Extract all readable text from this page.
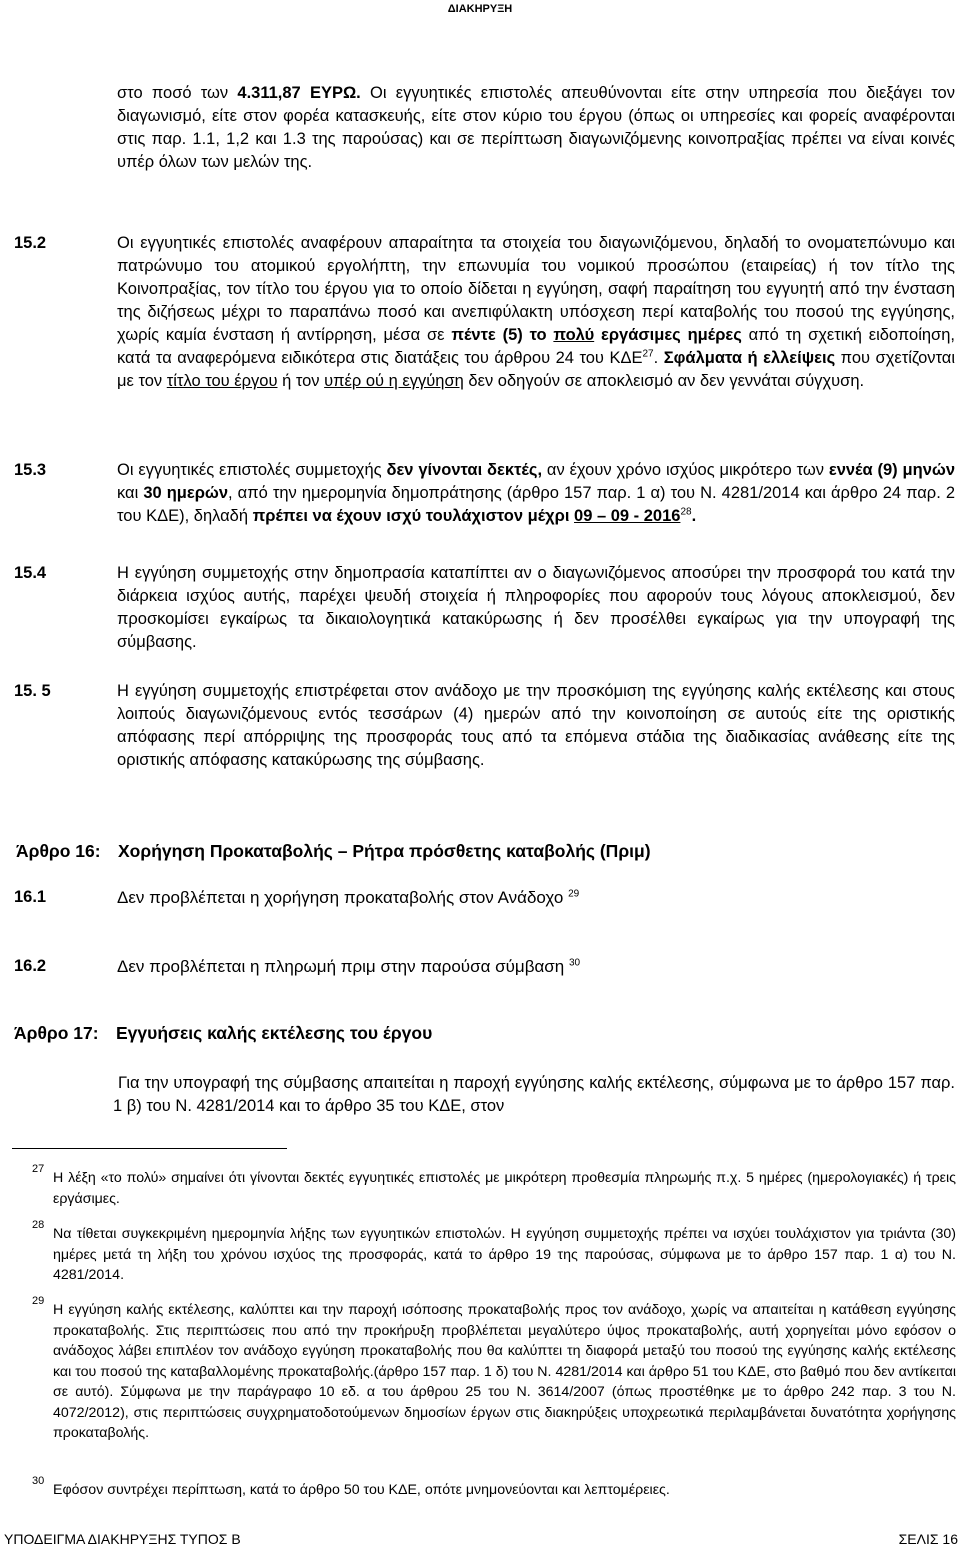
ΔΙΑΚΗΡΥΞΗ
στο ποσό των 4.311,87 ΕΥΡΩ. Οι εγγυητικές επιστολές απευθύνονται είτε στην υπηρεσία που διεξάγει τον διαγωνισμό, είτε στον φορέα κατασκευής, είτε στον κύριο του έργου (όπως οι υπηρεσίες και φορείς αναφέρονται στις παρ. 1.1, 1,2 και 1.3 της παρούσας) και σε περίπτωση διαγωνιζόμενης κοινοπραξίας πρέπει να είναι κοινές υπέρ όλων των μελών της.
15.2	Οι εγγυητικές επιστολές αναφέρουν απαραίτητα τα στοιχεία του διαγωνιζόμενου, δηλαδή το ονοματεπώνυμο και πατρώνυμο του ατομικού εργολήπτη, την επωνυμία του νομικού προσώπου (εταιρείας) ή τον τίτλο της Κοινοπραξίας, τον τίτλο του έργου για το οποίο δίδεται η εγγύηση, σαφή παραίτηση του εγγυητή από την ένσταση της διζήσεως μέχρι το παραπάνω ποσό και ανεπιφύλακτη υπόσχεση περί καταβολής του ποσού της εγγύησης, χωρίς καμία ένσταση ή αντίρρηση, μέσα σε πέντε (5) το πολύ εργάσιμες ημέρες από τη σχετική ειδοποίηση, κατά τα αναφερόμενα ειδικότερα στις διατάξεις του άρθρου 24 του ΚΔΕ$^{27}$. Σφάλματα ή ελλείψεις που σχετίζονται με τον τίτλο του έργου ή τον υπέρ ού η εγγύηση δεν οδηγούν σε αποκλεισμό αν δεν γεννάται σύγχυση.
15.3	Οι εγγυητικές επιστολές συμμετοχής δεν γίνονται δεκτές, αν έχουν χρόνο ισχύος μικρότερο των εννέα (9) μηνών και 30 ημερών, από την ημερομηνία δημοπράτησης (άρθρο 157 παρ. 1 α) του Ν. 4281/2014 και άρθρο 24 παρ. 2 του ΚΔΕ), δηλαδή πρέπει να έχουν ισχύ τουλάχιστον μέχρι 09 – 09 - 2016$^{28}$.
15.4	Η εγγύηση συμμετοχής στην δημοπρασία καταπίπτει αν ο διαγωνιζόμενος αποσύρει την προσφορά του κατά την διάρκεια ισχύος αυτής, παρέχει ψευδή στοιχεία ή πληροφορίες που αφορούν τους λόγους αποκλεισμού, δεν προσκομίσει εγκαίρως τα δικαιολογητικά κατακύρωσης ή δεν προσέλθει εγκαίρως για την υπογραφή της σύμβασης.
15. 5	Η εγγύηση συμμετοχής επιστρέφεται στον ανάδοχο με την προσκόμιση της εγγύησης καλής εκτέλεσης και στους λοιπούς διαγωνιζόμενους εντός τεσσάρων (4) ημερών από την κοινοποίηση σε αυτούς είτε της οριστικής απόφασης περί απόρριψης της προσφοράς τους από τα επόμενα στάδια της διαδικασίας ανάθεσης είτε της οριστικής απόφασης κατακύρωσης της σύμβασης.
Άρθρο 16: Χορήγηση Προκαταβολής – Ρήτρα πρόσθετης καταβολής (Πριμ)
16.1	Δεν προβλέπεται η χορήγηση προκαταβολής στον Ανάδοχο $^{29}$
16.2	Δεν προβλέπεται η πληρωμή πριμ στην παρούσα σύμβαση $^{30}$
Άρθρο 17: Εγγυήσεις καλής εκτέλεσης του έργου
Για την υπογραφή της σύμβασης απαιτείται η παροχή εγγύησης καλής εκτέλεσης, σύμφωνα με το άρθρο 157 παρ. 1 β) του Ν. 4281/2014 και το άρθρο 35 του ΚΔΕ, στον
27
Η λέξη «το πολύ» σημαίνει ότι γίνονται δεκτές εγγυητικές επιστολές με μικρότερη προθεσμία πληρωμής π.χ. 5 ημέρες (ημερολογιακές) ή τρεις εργάσιμες.
28
Να τίθεται συγκεκριμένη ημερομηνία λήξης των εγγυητικών επιστολών. Η εγγύηση συμμετοχής πρέπει να ισχύει τουλάχιστον για τριάντα (30) ημέρες μετά τη λήξη του χρόνου ισχύος της προσφοράς, κατά το άρθρο 19 της παρούσας, σύμφωνα με το άρθρο 157 παρ. 1 α) του Ν. 4281/2014.
29
Η εγγύηση καλής εκτέλεσης, καλύπτει και την παροχή ισόποσης προκαταβολής προς τον ανάδοχο, χωρίς να απαιτείται η κατάθεση εγγύησης προκαταβολής. Στις περιπτώσεις που από την προκήρυξη προβλέπεται μεγαλύτερο ύψος προκαταβολής, αυτή χορηγείται μόνο εφόσον ο ανάδοχος λάβει επιπλέον τον ανάδοχο εγγύηση προκαταβολής που θα καλύπτει τη διαφορά μεταξύ του ποσού της εγγύησης καλής εκτέλεσης και του ποσού της καταβαλλομένης προκαταβολής.(άρθρο 157 παρ. 1 δ) του Ν. 4281/2014 και άρθρο 51 του ΚΔΕ, στο βαθμό που δεν αντίκειται σε αυτό). Σύμφωνα με την παράγραφο 10 εδ. α του άρθρου 25 του Ν. 3614/2007 (όπως προστέθηκε με το άρθρο 242 παρ. 3 του Ν. 4072/2012), στις περιπτώσεις συγχρηματοδοτούμενων δημοσίων έργων στις διακηρύξεις υποχρεωτικά περιλαμβάνεται δυνατότητα χορήγησης προκαταβολής.
30
Εφόσον συντρέχει περίπτωση, κατά το άρθρο 50 του ΚΔΕ, οπότε μνημονεύονται και λεπτομέρειες.
ΥΠΟΔΕΙΓΜΑ ΔΙΑΚΗΡΥΞΗΣ ΤΥΠΟΣ Β	ΣΕΛΙΣ 16
